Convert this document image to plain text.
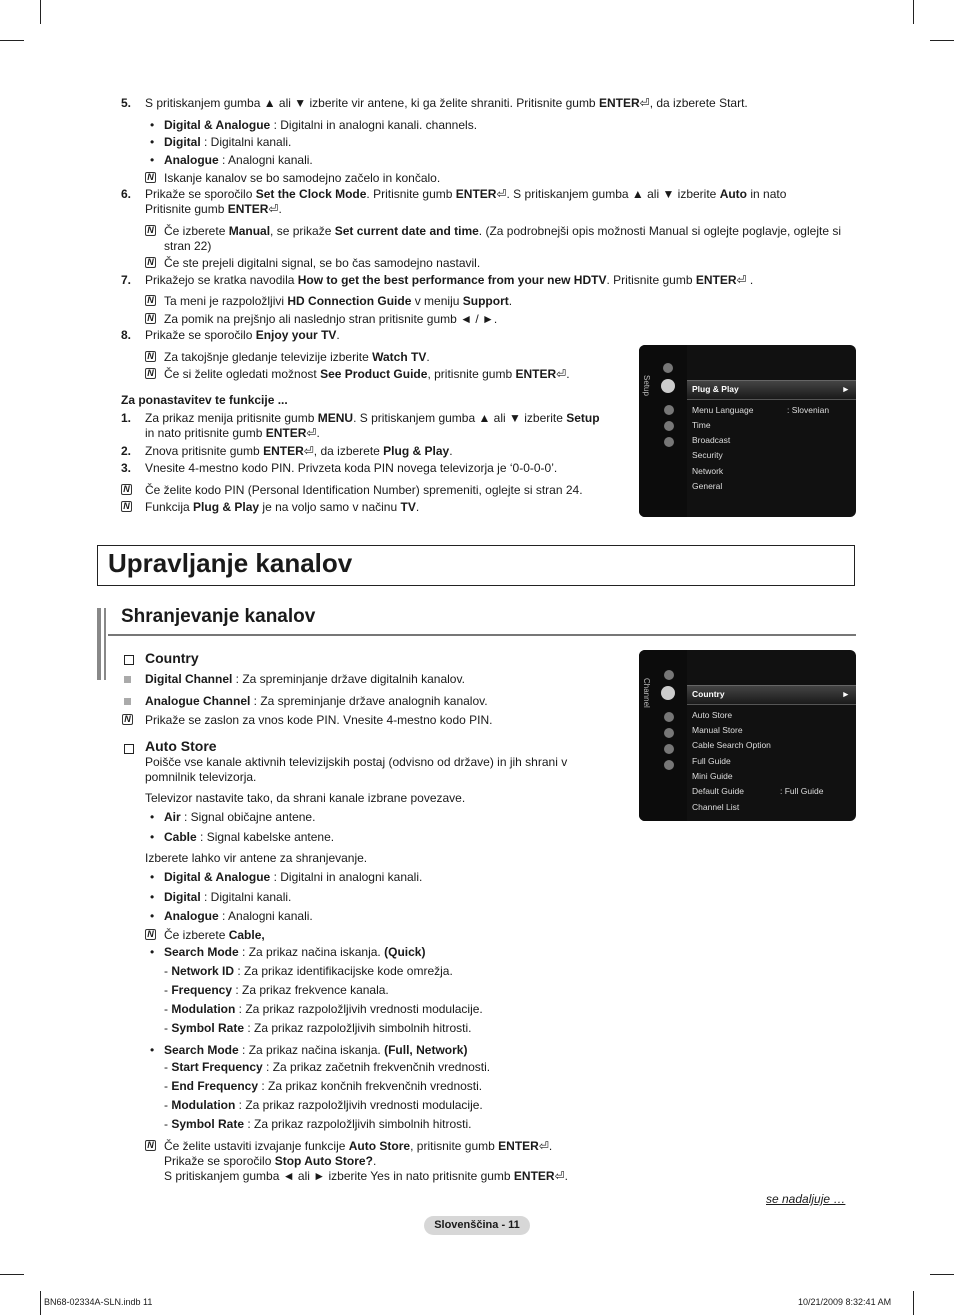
5. S pritiskanjem gumba ▲ ali ▼ izberite vir antene, ki ga želite shraniti. Pritisnite gumb ENTER⏎, da izberete Start.
• Digital & Analogue : Digitalni in analogni kanali. channels.
• Digital : Digitalni kanali.
• Analogue : Analogni kanali.
N Iskanje kanalov se bo samodejno začelo in končalo.
6. Prikaže se sporočilo Set the Clock Mode. Pritisnite gumb ENTER⏎. S pritiskanjem gumba ▲ ali ▼ izberite Auto in nato
Pritisnite gumb ENTER⏎.
N Če izberete Manual, se prikaže Set current date and time. (Za podrobnejši opis možnosti Manual si oglejte poglavje, oglejte si
stran 22)
N Če ste prejeli digitalni signal, se bo čas samodejno nastavil.
7. Prikažejo se kratka navodila How to get the best performance from your new HDTV. Pritisnite gumb ENTER⏎ .
N Ta meni je razpoložljivi HD Connection Guide v meniju Support.
N Za pomik na prejšnjo ali naslednjo stran pritisnite gumb ◄ / ►.
8. Prikaže se sporočilo Enjoy your TV.
N Za takojšnje gledanje televizije izberite Watch TV.
N Če si želite ogledati možnost See Product Guide, pritisnite gumb ENTER⏎.
Za ponastavitev te funkcije ...
1. Za prikaz menija pritisnite gumb MENU. S pritiskanjem gumba ▲ ali ▼ izberite Setup
in nato pritisnite gumb ENTER⏎.
2. Znova pritisnite gumb ENTER⏎, da izberete Plug & Play.
3. Vnesite 4-mestno kodo PIN. Privzeta koda PIN novega televizorja je ‘0-0-0-0’.
N Če želite kodo PIN (Personal Identification Number) spremeniti, oglejte si stran 24.
N Funkcija Plug & Play je na voljo samo v načinu TV.
Setup	Plug & Play	►
Menu Language	: Slovenian
Time
Broadcast
Security
Network
General
Upravljanje kanalov
Shranjevanje kanalov
Country
Digital Channel : Za spreminjanje države digitalnih kanalov.
Analogue Channel : Za spreminjanje države analognih kanalov.
N Prikaže se zaslon za vnos kode PIN. Vnesite 4-mestno kodo PIN.
Auto Store
Poišče vse kanale aktivnih televizijskih postaj (odvisno od države) in jih shrani v
pomnilnik televizorja.
Televizor nastavite tako, da shrani kanale izbrane povezave.
• Air : Signal običajne antene.
• Cable : Signal kabelske antene.
Izberete lahko vir antene za shranjevanje.
• Digital & Analogue : Digitalni in analogni kanali.
• Digital : Digitalni kanali.
• Analogue : Analogni kanali.
N Če izberete Cable,
• Search Mode : Za prikaz načina iskanja. (Quick)
- Network ID : Za prikaz identifikacijske kode omrežja.
- Frequency : Za prikaz frekvence kanala.
- Modulation : Za prikaz razpoložljivih vrednosti modulacije.
- Symbol Rate : Za prikaz razpoložljivih simbolnih hitrosti.
• Search Mode : Za prikaz načina iskanja. (Full, Network)
- Start Frequency : Za prikaz začetnih frekvenčnih vrednosti.
- End Frequency : Za prikaz končnih frekvenčnih vrednosti.
- Modulation : Za prikaz razpoložljivih vrednosti modulacije.
- Symbol Rate : Za prikaz razpoložljivih simbolnih hitrosti.
N Če želite ustaviti izvajanje funkcije Auto Store, pritisnite gumb ENTER⏎.
Prikaže se sporočilo Stop Auto Store?.
S pritiskanjem gumba ◄ ali ► izberite Yes in nato pritisnite gumb ENTER⏎.
Channel	Country	►
Auto Store
Manual Store
Cable Search Option
Full Guide
Mini Guide
Default Guide	: Full Guide
Channel List
se nadaljuje …
Slovenščina - 11
BN68-02334A-SLN.indb 11	10/21/2009 8:32:41 AM
